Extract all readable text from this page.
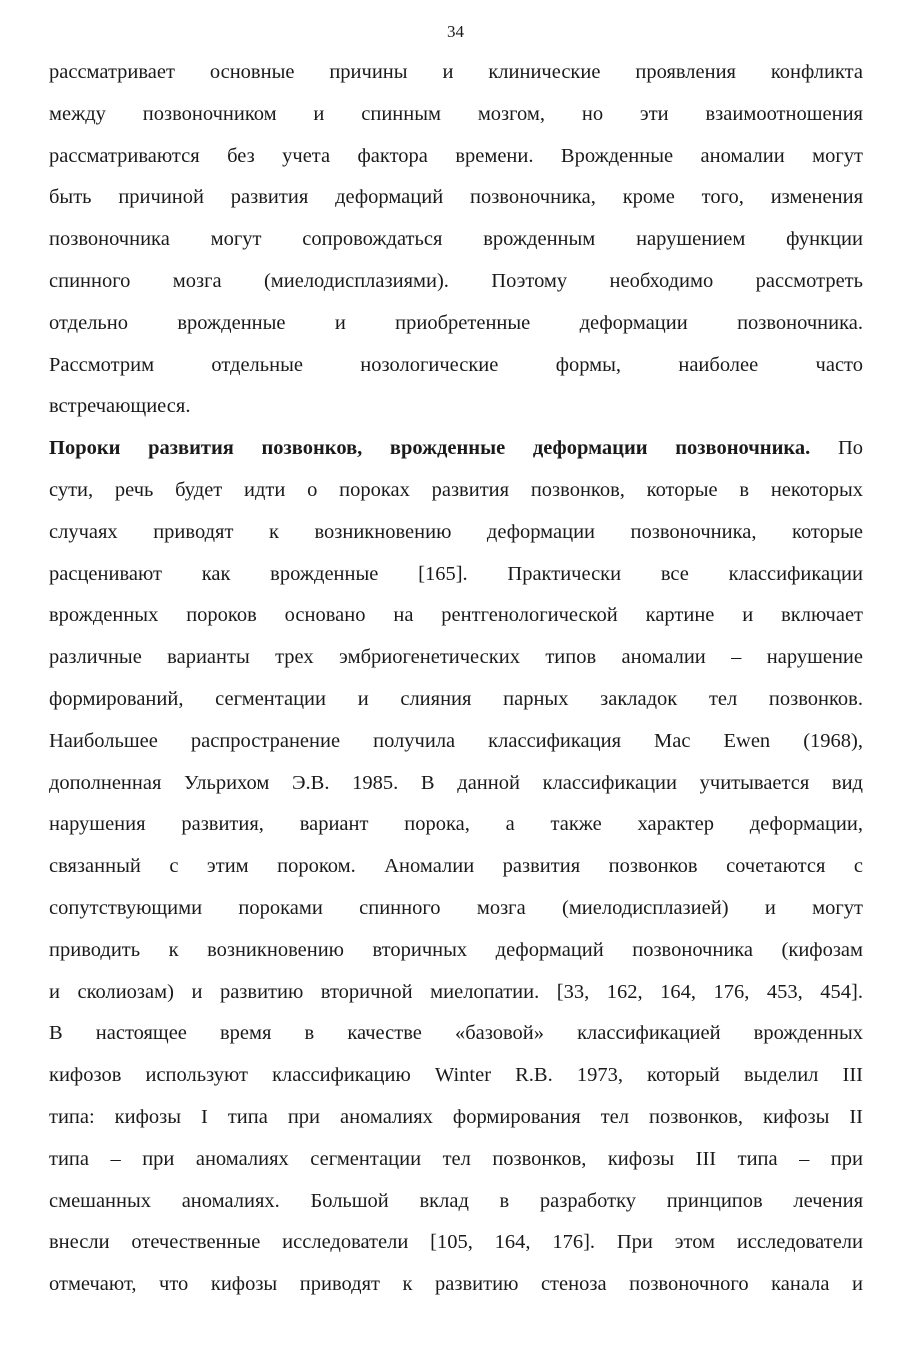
34
рассматривает основные причины и клинические проявления конфликта
между позвоночником и спинным мозгом, но эти взаимоотношения
рассматриваются без учета фактора времени. Врожденные аномалии могут
быть причиной развития деформаций позвоночника, кроме того, изменения
позвоночника могут сопровождаться врожденным нарушением функции
спинного мозга (миелодисплазиями). Поэтому необходимо рассмотреть
отдельно врожденные и приобретенные деформации позвоночника.
Рассмотрим отдельные нозологические формы, наиболее часто
встречающиеся.
Пороки развития позвонков, врожденные деформации позвоночника. По
сути, речь будет идти о пороках развития позвонков, которые в некоторых
случаях приводят к возникновению деформации позвоночника, которые
расценивают как врожденные [165]. Практически все классификации
врожденных пороков основано на рентгенологической картине и включает
различные варианты трех эмбриогенетических типов аномалии – нарушение
формирований, сегментации и слияния парных закладок тел позвонков.
Наибольшее распространение получила классификация Mac Ewen (1968),
дополненная Ульрихом Э.В. 1985. В данной классификации учитывается вид
нарушения развития, вариант порока, а также характер деформации,
связанный с этим пороком. Аномалии развития позвонков сочетаются с
сопутствующими пороками спинного мозга (миелодисплазией) и могут
приводить к возникновению вторичных деформаций позвоночника (кифозам
и сколиозам) и развитию вторичной миелопатии. [33, 162, 164, 176, 453, 454].
В настоящее время в качестве «базовой» классификацией врожденных
кифозов используют классификацию Winter R.B. 1973, который выделил III
типа: кифозы I типа при аномалиях формирования тел позвонков, кифозы II
типа – при аномалиях сегментации тел позвонков, кифозы III типа – при
смешанных аномалиях. Большой вклад в разработку принципов лечения
внесли отечественные исследователи [105, 164, 176]. При этом исследователи
отмечают, что кифозы приводят к развитию стеноза позвоночного канала и
